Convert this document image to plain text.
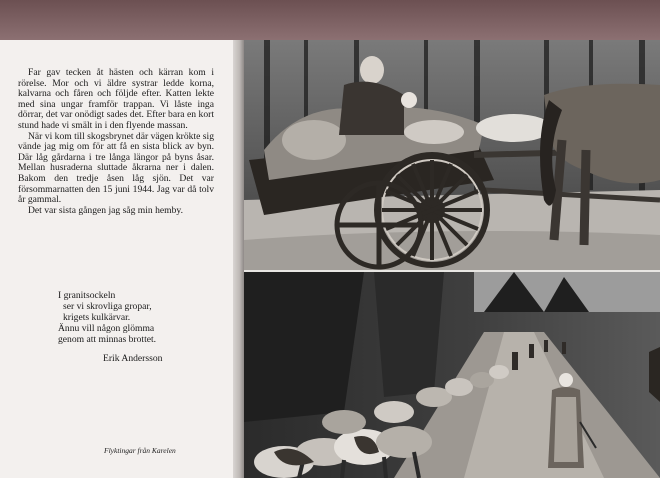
Far gav tecken åt hästen och kärran kom i rörelse. Mor och vi äldre systrar ledde korna, kalvarna och fåren och följde efter. Katten lekte med sina ungar framför trappan. Vi låste inga dörrar, det var onödigt sades det. Efter bara en kort stund hade vi smält in i den flyende massan.

När vi kom till skogsbrynet där vägen krökte sig vände jag mig om för att få en sista blick av byn. Där låg gårdarna i tre långa längor på byns åsar. Mellan husraderna sluttade åkrarna ner i dalen. Bakom den tredje åsen låg sjön. Det var försommarnatten den 15 juni 1944. Jag var då tolv år gammal.

Det var sista gången jag såg min hemby.

I granitsockeln
ser vi skrovliga gropar,
krigets kulkärvar.
Ännu vill någon glömma
genom att minnas brottet.
Erik Andersson
Flyktingar från Karelen
